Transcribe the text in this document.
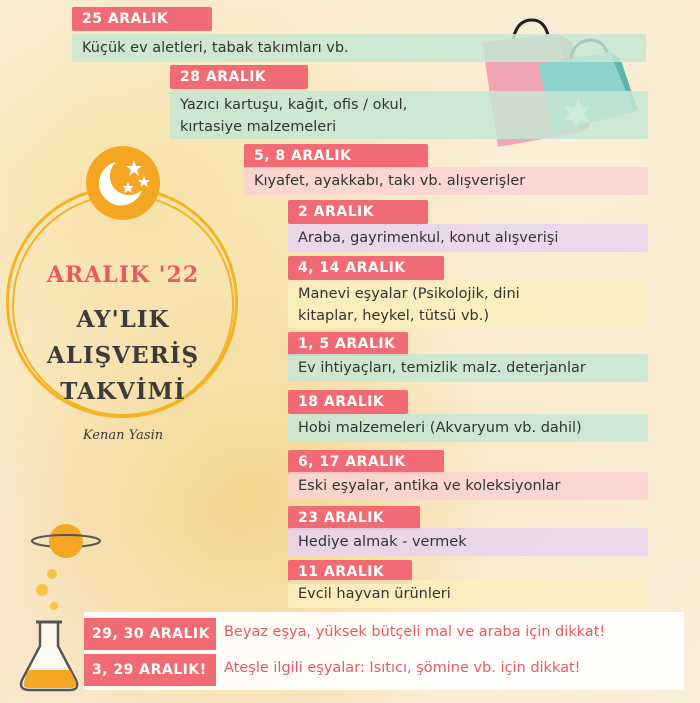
ARALIK '22
AY'LIK
ALIŞVERİŞ
TAKVİMİ
Kenan Yasin
25 ARALIK
Küçük ev aletleri, tabak takımları vb.
28 ARALIK
Yazıcı kartuşu, kağıt, ofis / okul,
kırtasiye malzemeleri
5, 8 ARALIK
Kıyafet, ayakkabı, takı vb. alışverişler
2 ARALIK
Araba, gayrimenkul, konut alışverişi
4, 14 ARALIK
Manevi eşyalar (Psikolojik, dini
kitaplar, heykel, tütsü vb.)
1, 5 ARALIK
Ev ihtiyaçları, temizlik malz. deterjanlar
18 ARALIK
Hobi malzemeleri (Akvaryum vb. dahil)
6, 17 ARALIK
Eski eşyalar, antika ve koleksiyonlar
23 ARALIK
Hediye almak - vermek
11 ARALIK
Evcil hayvan ürünleri
29, 30 ARALIK Beyaz eşya, yüksek bütçeli mal ve araba için dikkat!
3, 29 ARALIK!	Ateşle ilgili eşyalar: Isıtıcı, şömine vb. için dikkat!
